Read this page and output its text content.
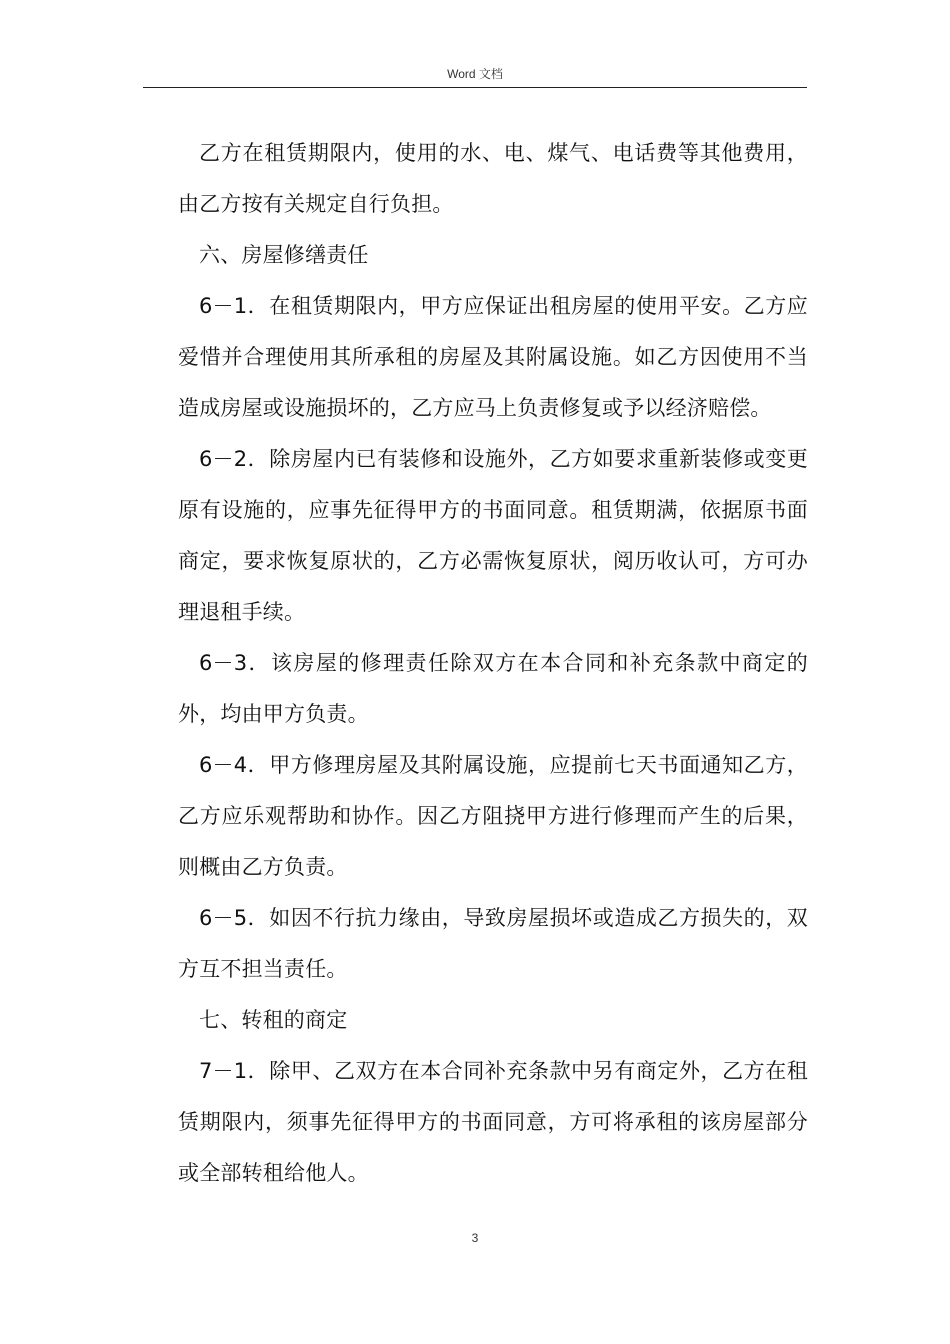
Word 文档

乙方在租赁期限内，使用的水、电、煤气、电话费等其他费用，由乙方按有关规定自行负担。

六、房屋修缮责任

6－1．在租赁期限内，甲方应保证出租房屋的使用平安。乙方应爱惜并合理使用其所承租的房屋及其附属设施。如乙方因使用不当造成房屋或设施损坏的，乙方应马上负责修复或予以经济赔偿。

6－2．除房屋内已有装修和设施外，乙方如要求重新装修或变更原有设施的，应事先征得甲方的书面同意。租赁期满，依据原书面商定，要求恢复原状的，乙方必需恢复原状，阅历收认可，方可办理退租手续。

6－3．该房屋的修理责任除双方在本合同和补充条款中商定的外，均由甲方负责。

6－4．甲方修理房屋及其附属设施，应提前七天书面通知乙方，乙方应乐观帮助和协作。因乙方阻挠甲方进行修理而产生的后果，则概由乙方负责。

6－5．如因不行抗力缘由，导致房屋损坏或造成乙方损失的，双方互不担当责任。

七、转租的商定

7－1．除甲、乙双方在本合同补充条款中另有商定外，乙方在租赁期限内，须事先征得甲方的书面同意，方可将承租的该房屋部分或全部转租给他人。

3
